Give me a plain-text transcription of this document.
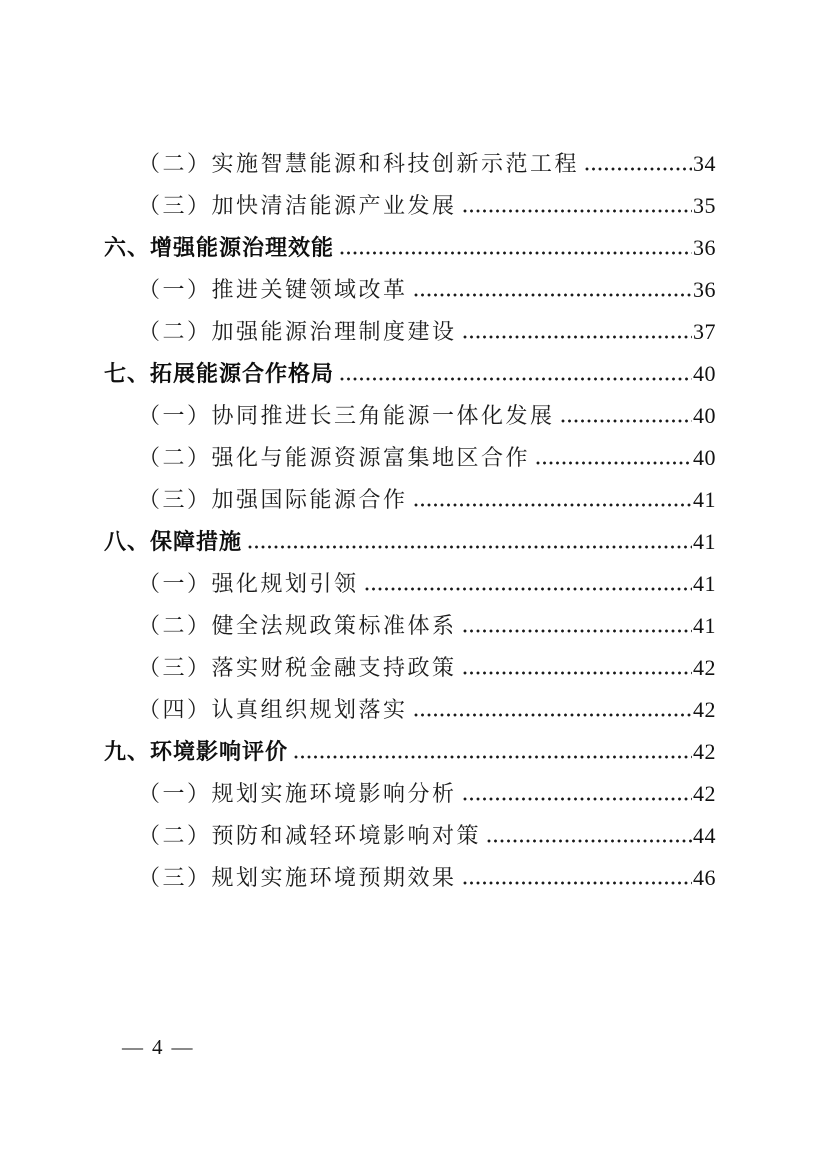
（二）实施智慧能源和科技创新示范工程	34
（三）加快清洁能源产业发展	35
六、增强能源治理效能	36
（一）推进关键领域改革	36
（二）加强能源治理制度建设	37
七、拓展能源合作格局	40
（一）协同推进长三角能源一体化发展	40
（二）强化与能源资源富集地区合作	40
（三）加强国际能源合作	41
八、保障措施	41
（一）强化规划引领	41
（二）健全法规政策标准体系	41
（三）落实财税金融支持政策	42
（四）认真组织规划落实	42
九、环境影响评价	42
（一）规划实施环境影响分析	42
（二）预防和减轻环境影响对策	44
（三）规划实施环境预期效果	46
— 4 —
